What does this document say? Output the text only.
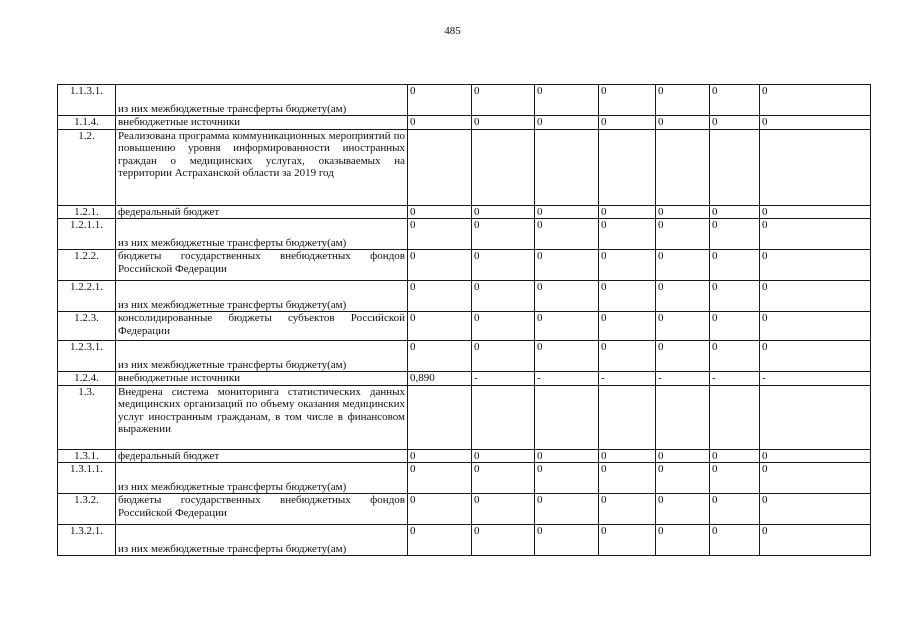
485
1.1.3.1.	из них межбюджетные трансферты бюджету(ам)	0	0	0	0	0	0	0
1.1.4.	внебюджетные источники	0	0	0	0	0	0	0
1.2.	Реализована программа коммуникационных мероприятий по повышению уровня информированности иностранных граждан о медицинских услугах, оказываемых на территории Астраханской области за 2019 год							
1.2.1.	федеральный бюджет	0	0	0	0	0	0	0
1.2.1.1.	из них межбюджетные трансферты бюджету(ам)	0	0	0	0	0	0	0
1.2.2.	бюджеты государственных внебюджетных фондов Российской Федерации	0	0	0	0	0	0	0
1.2.2.1.	из них межбюджетные трансферты бюджету(ам)	0	0	0	0	0	0	0
1.2.3.	консолидированные бюджеты субъектов Российской Федерации	0	0	0	0	0	0	0
1.2.3.1.	из них межбюджетные трансферты бюджету(ам)	0	0	0	0	0	0	0
1.2.4.	внебюджетные источники	0,890	-	-	-	-	-	-
1.3.	Внедрена система мониторинга статистических данных медицинских организаций по объему оказания медицинских услуг иностранным гражданам, в том числе в финансовом выражении							
1.3.1.	федеральный бюджет	0	0	0	0	0	0	0
1.3.1.1.	из них межбюджетные трансферты бюджету(ам)	0	0	0	0	0	0	0
1.3.2.	бюджеты государственных внебюджетных фондов Российской Федерации	0	0	0	0	0	0	0
1.3.2.1.	из них межбюджетные трансферты бюджету(ам)	0	0	0	0	0	0	0
